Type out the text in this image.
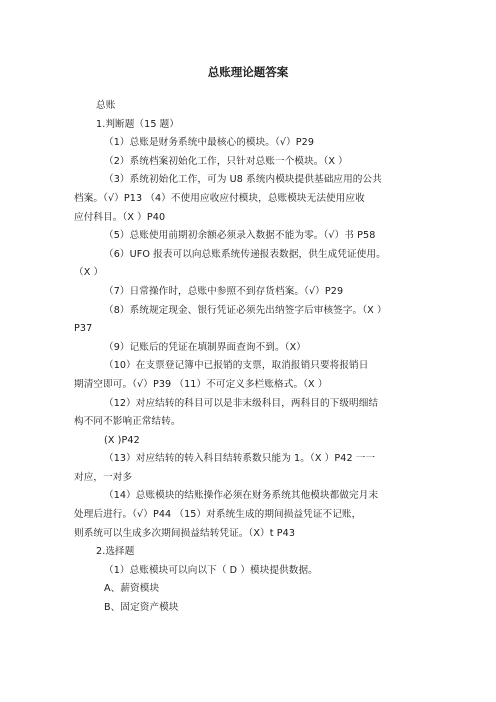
总账理论题答案
总账
1.判断题（15 题）
（1）总账是财务系统中最核心的模块。（√）P29
（2）系统档案初始化工作，只针对总账一个模块。（X ）
（3）系统初始化工作，可为 U8 系统内模块提供基础应用的公共
档案。（√）P13 （4）不使用应收应付模块，总账模块无法使用应收
应付科目。（X ）P40
（5）总账使用前期初余额必须录入数据不能为零。（√）书 P58
（6）UFO 报表可以向总账系统传递报表数据，供生成凭证使用。
（X ）
（7）日常操作时，总账中参照不到存货档案。（√）P29
（8）系统规定现金、银行凭证必须先出纳签字后审核签字。（X ）
P37
（9）记账后的凭证在填制界面查询不到。（X）
（10）在支票登记簿中已报销的支票，取消报销只要将报销日
期清空即可。（√）P39 （11）不可定义多栏账格式。（X ）
（12）对应结转的科目可以是非末级科目，两科目的下级明细结
构不同不影响正常结转。
(X )P42
（13）对应结转的转入科目结转系数只能为 1。（X ）P42 一一
对应，一对多
（14）总账模块的结账操作必须在财务系统其他模块都做完月末
处理后进行。（√）P44 （15）对系统生成的期间损益凭证不记账，
则系统可以生成多次期间损益结转凭证。（X）t P43
2.选择题
（1）总账模块可以向以下（ D ）模块提供数据。
A、薪资模块
B、固定资产模块
